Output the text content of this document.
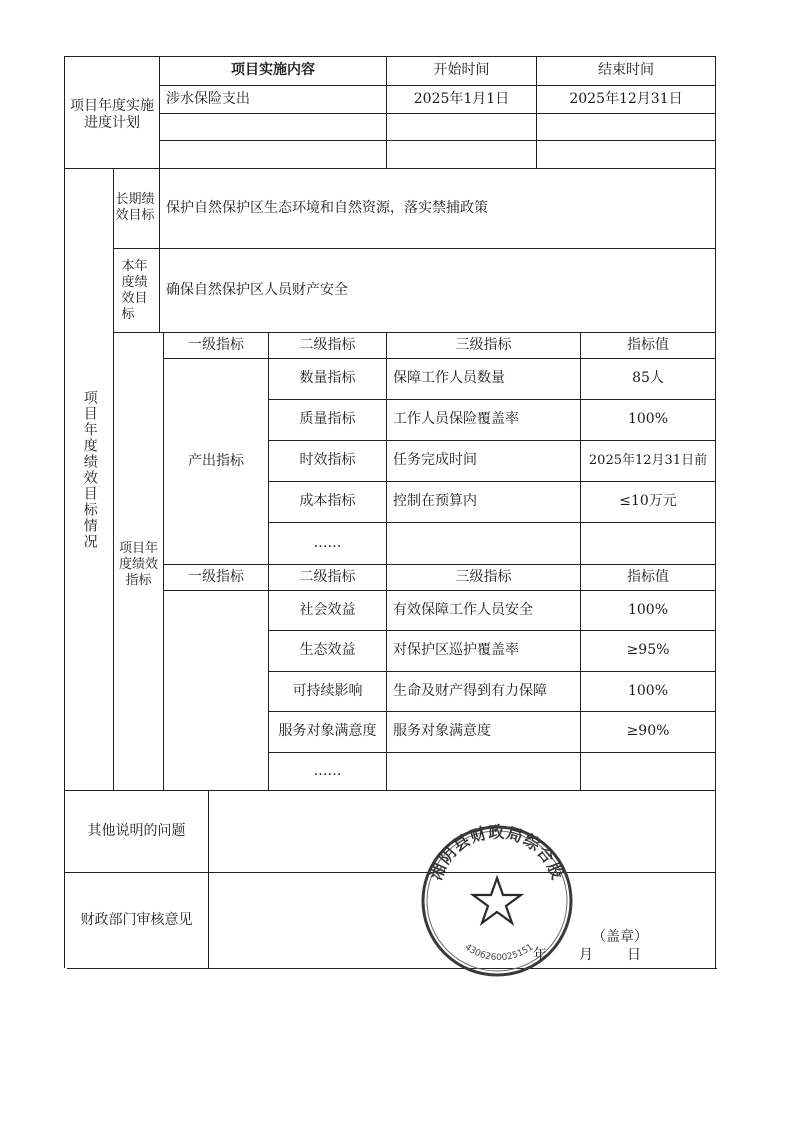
项目年度实施进度计划
项目实施内容	开始时间	结束时间
涉水保险支出	2025年1月1日	2025年12月31日
项目年度绩效目标情况
长期绩效目标 保护自然保护区生态环境和自然资源，落实禁捕政策
本年度绩效目标
确保自然保护区人员财产安全
项目年度绩效指标
一级指标	二级指标	三级指标	指标值
产出指标
数量指标	保障工作人员数量	85人
质量指标	工作人员保险覆盖率	100%
时效指标	任务完成时间	2025年12月31日前
成本指标	控制在预算内	≤10万元
……
一级指标	二级指标	三级指标	指标值
社会效益	有效保障工作人员安全	100%
生态效益	对保护区巡护覆盖率	≥95%
可持续影响	生命及财产得到有力保障	100%
服务对象满意度	服务对象满意度	≥90%
……
其他说明的问题
财政部门审核意见
湘阴县财政局综合股
4306260025151
（盖章）
年 月 日
